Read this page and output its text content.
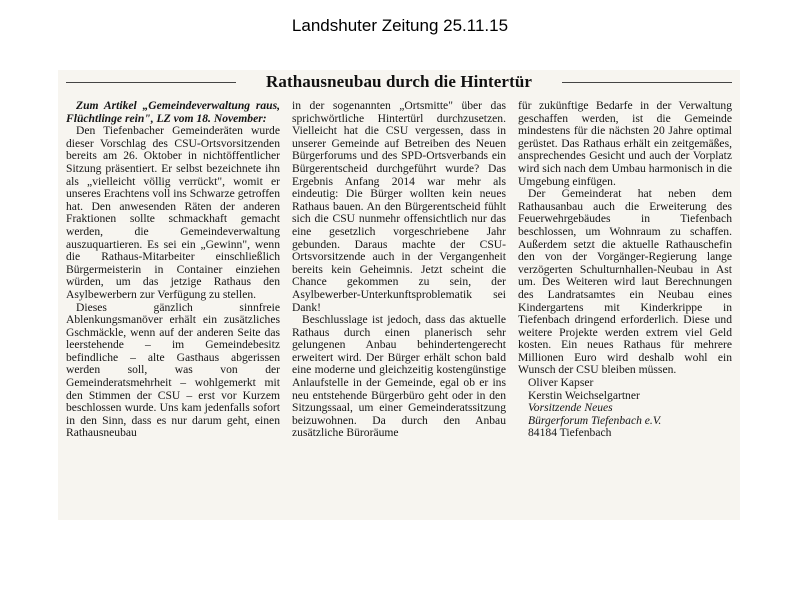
Landshuter Zeitung 25.11.15
Rathausneubau durch die Hintertür

Zum Artikel „Gemeindeverwaltung raus, Flüchtlinge rein", LZ vom 18. November:

Den Tiefenbacher Gemeinderäten wurde dieser Vorschlag des CSU-Ortsvorsitzenden bereits am 26. Oktober in nichtöffentlicher Sitzung präsentiert. Er selbst bezeichnete ihn als „vielleicht völlig verrückt", womit er unseres Erachtens voll ins Schwarze getroffen hat. Den anwesenden Räten der anderen Fraktionen sollte schmackhaft gemacht werden, die Gemeindeverwaltung auszuquartieren. Es sei ein „Gewinn", wenn die Rathaus-Mitarbeiter einschließlich Bürgermeisterin in Container einziehen würden, um das jetzige Rathaus den Asylbewerbern zur Verfügung zu stellen.

Dieses gänzlich sinnfreie Ablenkungsmanöver erhält ein zusätzliches Gschmäckle, wenn auf der anderen Seite das leerstehende – im Gemeindebesitz befindliche – alte Gasthaus abgerissen werden soll, was von der Gemeinderatsmehrheit – wohlgemerkt mit den Stimmen der CSU – erst vor Kurzem beschlossen wurde. Uns kam jedenfalls sofort in den Sinn, dass es nur darum geht, einen Rathausneubau

in der sogenannten „Ortsmitte" über das sprichwörtliche Hintertürl durchzusetzen. Vielleicht hat die CSU vergessen, dass in unserer Gemeinde auf Betreiben des Neuen Bürgerforums und des SPD-Ortsverbands ein Bürgerentscheid durchgeführt wurde? Das Ergebnis Anfang 2014 war mehr als eindeutig: Die Bürger wollten kein neues Rathaus bauen. An den Bürgerentscheid fühlt sich die CSU nunmehr offensichtlich nur das eine gesetzlich vorgeschriebene Jahr gebunden. Daraus machte der CSU-Ortsvorsitzende auch in der Vergangenheit bereits kein Geheimnis. Jetzt scheint die Chance gekommen zu sein, der Asylbewerber-Unterkunftsproblematik sei Dank!

Beschlusslage ist jedoch, dass das aktuelle Rathaus durch einen planerisch sehr gelungenen Anbau behindertengerecht erweitert wird. Der Bürger erhält schon bald eine moderne und gleichzeitig kostengünstige Anlaufstelle in der Gemeinde, egal ob er ins neu entstehende Bürgerbüro geht oder in den Sitzungssaal, um einer Gemeinderatssitzung beizuwohnen. Da durch den Anbau zusätzliche Büroräume

für zukünftige Bedarfe in der Verwaltung geschaffen werden, ist die Gemeinde mindestens für die nächsten 20 Jahre optimal gerüstet. Das Rathaus erhält ein zeitgemäßes, ansprechendes Gesicht und auch der Vorplatz wird sich nach dem Umbau harmonisch in die Umgebung einfügen.

Der Gemeinderat hat neben dem Rathausanbau auch die Erweiterung des Feuerwehrgebäudes in Tiefenbach beschlossen, um Wohnraum zu schaffen. Außerdem setzt die aktuelle Rathauschefin den von der Vorgänger-Regierung lange verzögerten Schulturnhallen-Neubau in Ast um. Des Weiteren wird laut Berechnungen des Landratsamtes ein Neubau eines Kindergartens mit Kinderkrippe in Tiefenbach dringend erforderlich. Diese und weitere Projekte werden extrem viel Geld kosten. Ein neues Rathaus für mehrere Millionen Euro wird deshalb wohl ein Wunsch der CSU bleiben müssen.

Oliver Kapser

Kerstin Weichselgartner

Vorsitzende Neues

Bürgerforum Tiefenbach e.V.

84184 Tiefenbach
